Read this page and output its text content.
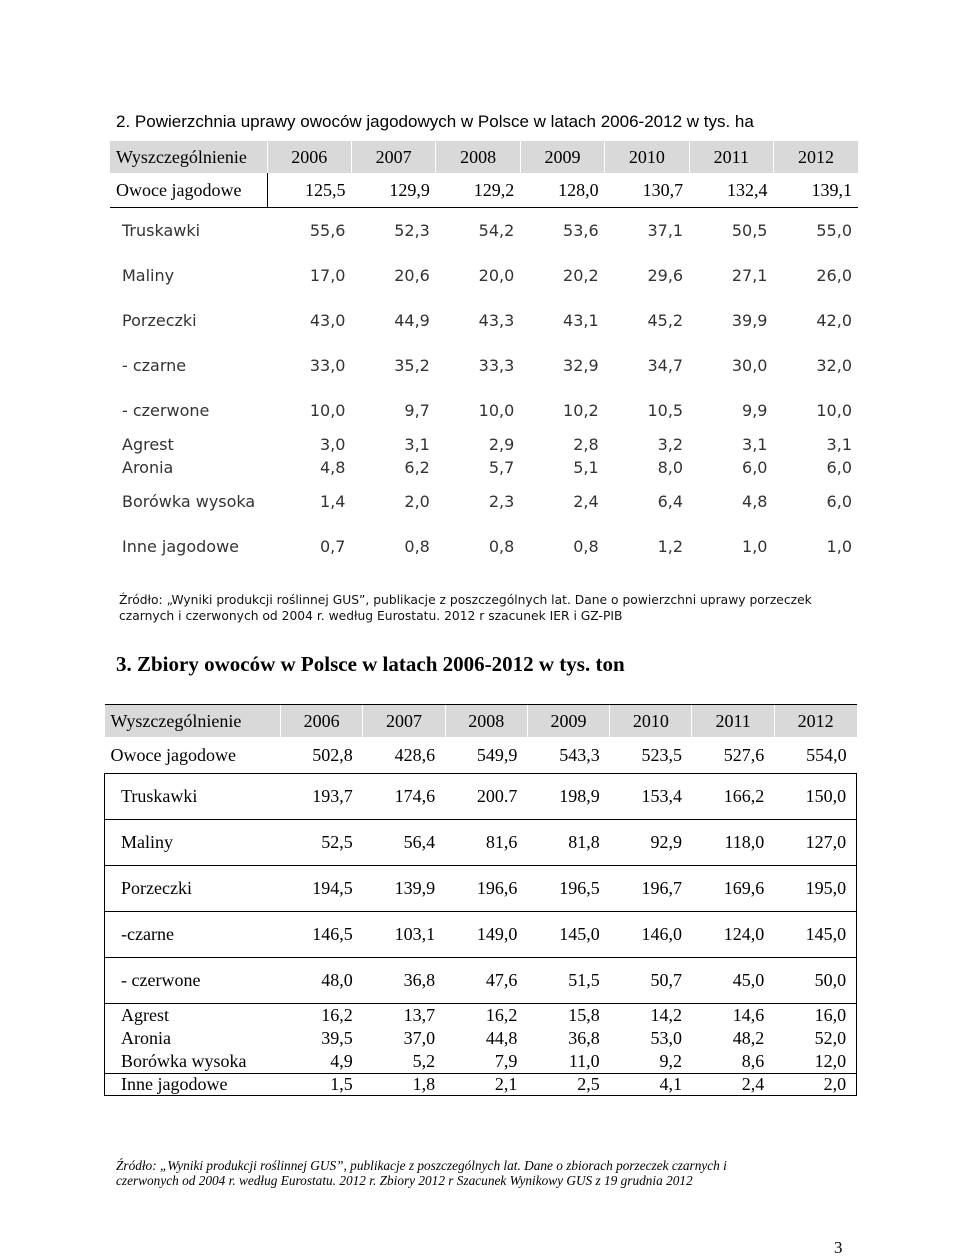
2. Powierzchnia uprawy owoców jagodowych w Polsce w latach 2006-2012 w tys. ha
Wyszczególnienie	2006	2007	2008	2009	2010	2011	2012
Owoce jagodowe	125,5	129,9	129,2	128,0	130,7	132,4	139,1
Truskawki	55,6	52,3	54,2	53,6	37,1	50,5	55,0
Maliny	17,0	20,6	20,0	20,2	29,6	27,1	26,0
Porzeczki	43,0	44,9	43,3	43,1	45,2	39,9	42,0
- czarne	33,0	35,2	33,3	32,9	34,7	30,0	32,0
- czerwone	10,0	9,7	10,0	10,2	10,5	9,9	10,0
Agrest	3,0	3,1	2,9	2,8	3,2	3,1	3,1
Aronia	4,8	6,2	5,7	5,1	8,0	6,0	6,0
Borówka wysoka	1,4	2,0	2,3	2,4	6,4	4,8	6,0
Inne jagodowe	0,7	0,8	0,8	0,8	1,2	1,0	1,0
Źródło: „Wyniki produkcji roślinnej GUS”, publikacje z poszczególnych lat. Dane o powierzchni uprawy porzeczek
czarnych i czerwonych od 2004 r. według Eurostatu. 2012 r szacunek IER i GZ-PIB
3. Zbiory owoców w Polsce w latach 2006-2012 w tys. ton
Wyszczególnienie	2006	2007	2008	2009	2010	2011	2012
Owoce jagodowe	502,8	428,6	549,9	543,3	523,5	527,6	554,0
Truskawki	193,7	174,6	200.7	198,9	153,4	166,2	150,0
Maliny	52,5	56,4	81,6	81,8	92,9	118,0	127,0
Porzeczki	194,5	139,9	196,6	196,5	196,7	169,6	195,0
-czarne	146,5	103,1	149,0	145,0	146,0	124,0	145,0
- czerwone	48,0	36,8	47,6	51,5	50,7	45,0	50,0
Agrest	16,2	13,7	16,2	15,8	14,2	14,6	16,0
Aronia	39,5	37,0	44,8	36,8	53,0	48,2	52,0
Borówka wysoka	4,9	5,2	7,9	11,0	9,2	8,6	12,0
Inne jagodowe	1,5	1,8	2,1	2,5	4,1	2,4	2,0
Źródło: „Wyniki produkcji roślinnej GUS”, publikacje z poszczególnych lat. Dane o zbiorach porzeczek czarnych i
czerwonych od 2004 r. według Eurostatu. 2012 r. Zbiory 2012 r Szacunek Wynikowy GUS z 19 grudnia 2012
3
